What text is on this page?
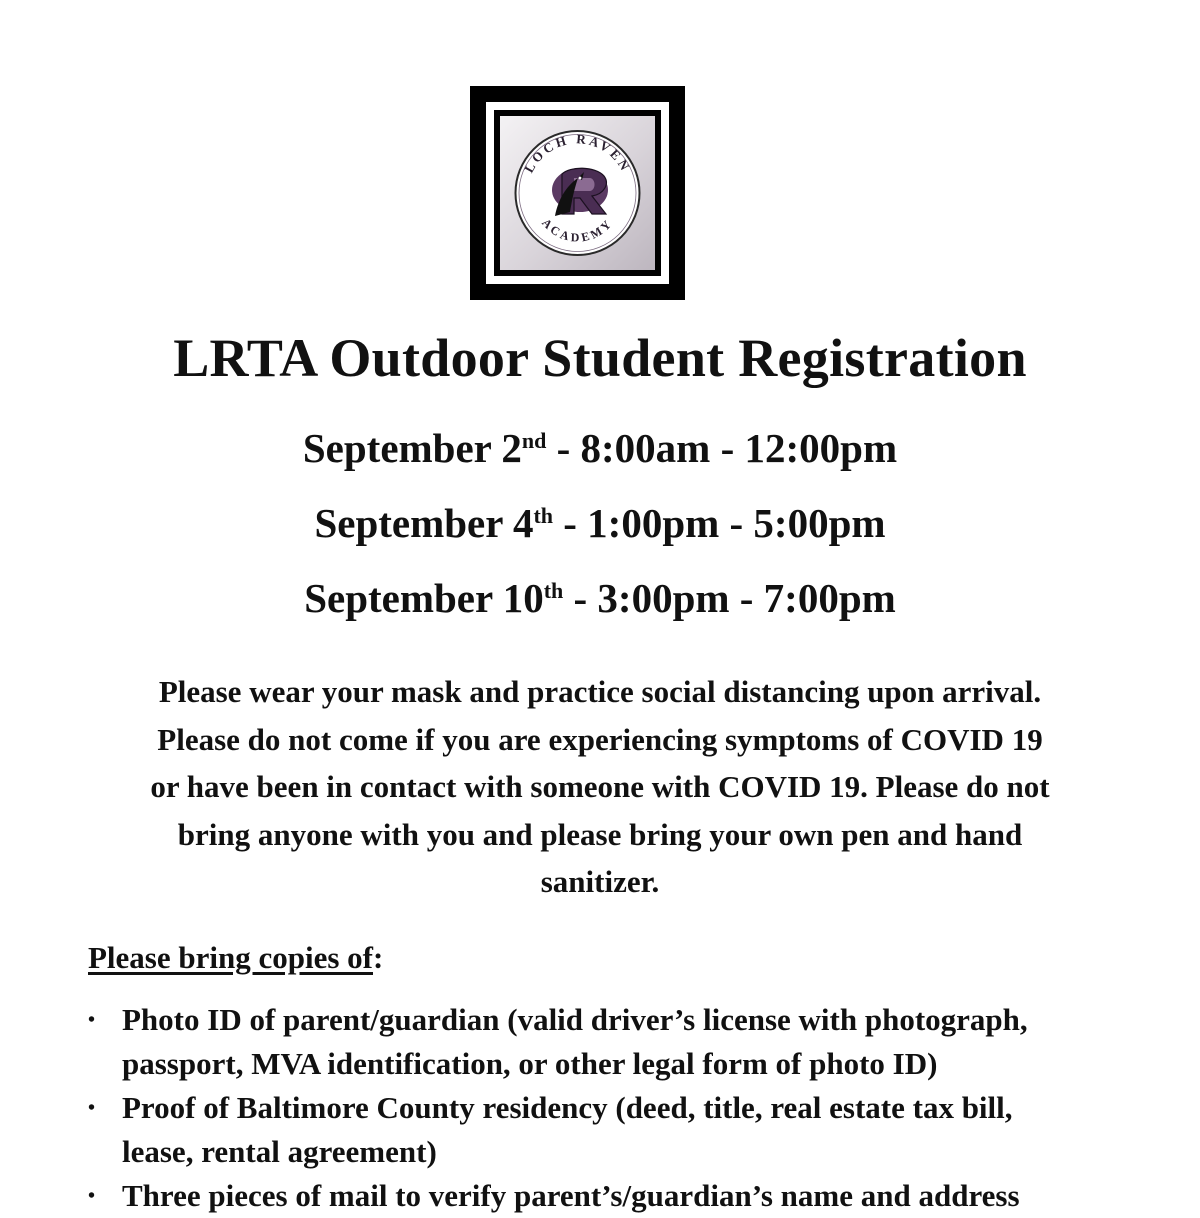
LOCH RAVEN
ACADEMY
LRTA Outdoor Student Registration
September 2nd - 8:00am - 12:00pm
September 4th - 1:00pm - 5:00pm
September 10th - 3:00pm - 7:00pm
Please wear your mask and practice social distancing upon arrival.
Please do not come if you are experiencing symptoms of COVID 19
or have been in contact with someone with COVID 19. Please do not
bring anyone with you and please bring your own pen and hand
sanitizer.
Please bring copies of:
• Photo ID of parent/guardian (valid driver’s license with photograph,
passport, MVA identification, or other legal form of photo ID)
• Proof of Baltimore County residency (deed, title, real estate tax bill,
lease, rental agreement)
• Three pieces of mail to verify parent’s/guardian’s name and address
